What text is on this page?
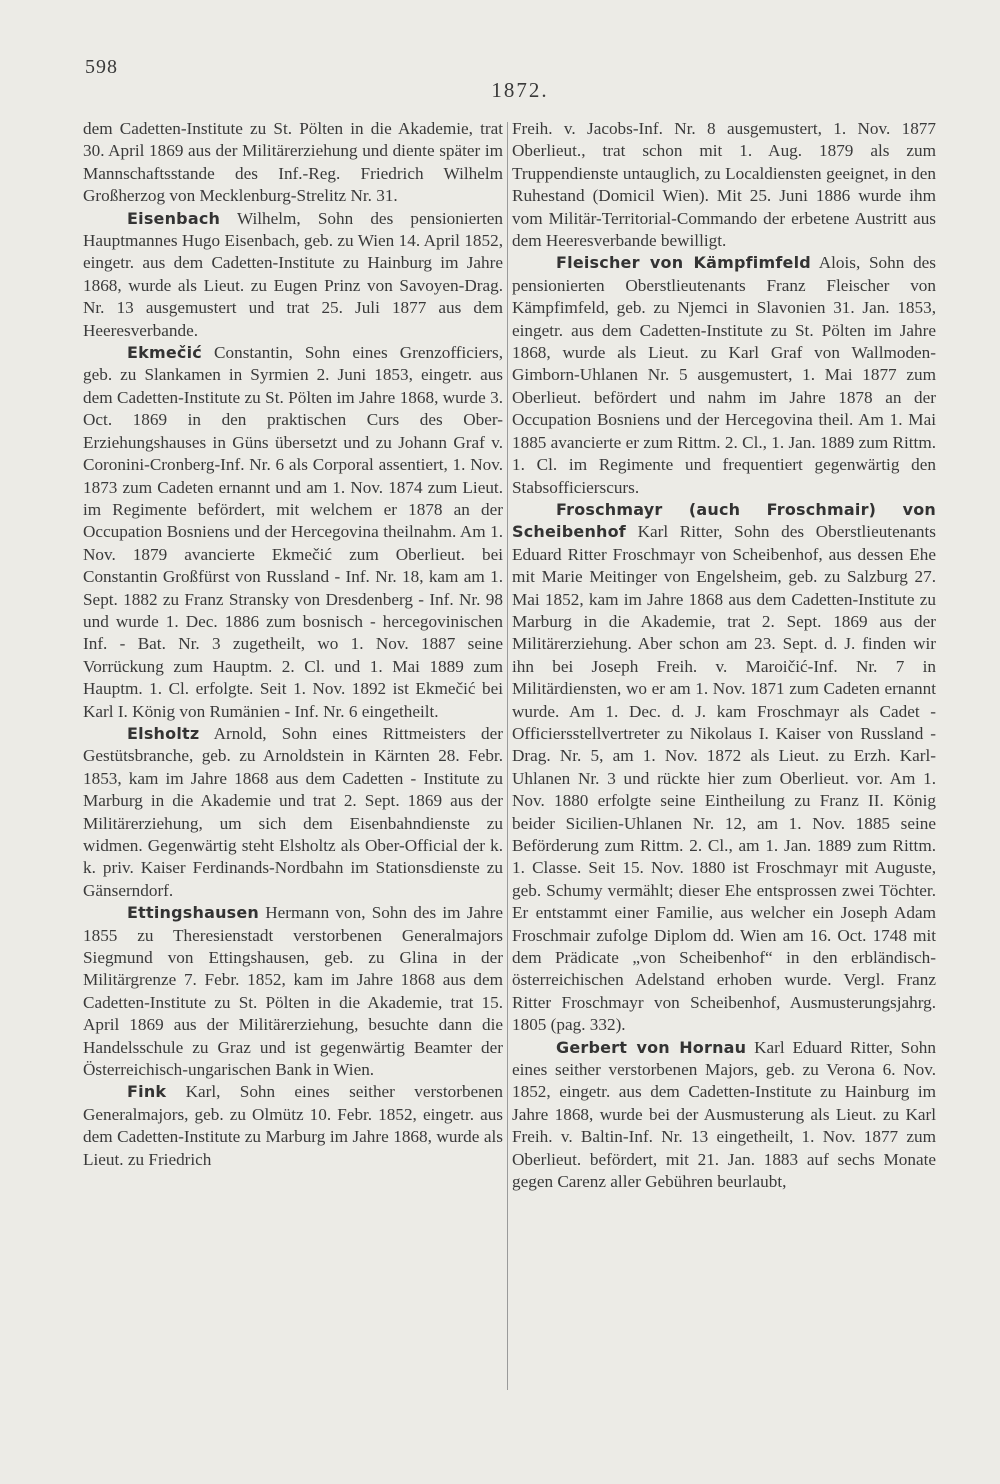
598
1872.

dem Cadetten-Institute zu St. Pölten in die Akademie, trat 30. April 1869 aus der Militärerziehung und diente später im Mannschaftsstande des Inf.-Reg. Friedrich Wilhelm Großherzog von Mecklenburg-Strelitz Nr. 31.

Eisenbach Wilhelm, Sohn des pensionierten Hauptmannes Hugo Eisenbach, geb. zu Wien 14. April 1852, eingetr. aus dem Cadetten-Institute zu Hainburg im Jahre 1868, wurde als Lieut. zu Eugen Prinz von Savoyen-Drag. Nr. 13 ausgemustert und trat 25. Juli 1877 aus dem Heeresverbande.

Ekmečić Constantin, Sohn eines Grenzofficiers, geb. zu Slankamen in Syrmien 2. Juni 1853, eingetr. aus dem Cadetten-Institute zu St. Pölten im Jahre 1868, wurde 3. Oct. 1869 in den praktischen Curs des Ober-Erziehungshauses in Güns übersetzt und zu Johann Graf v. Coronini-Cronberg-Inf. Nr. 6 als Corporal assentiert, 1. Nov. 1873 zum Cadeten ernannt und am 1. Nov. 1874 zum Lieut. im Regimente befördert, mit welchem er 1878 an der Occupation Bosniens und der Hercegovina theilnahm. Am 1. Nov. 1879 avancierte Ekmečić zum Oberlieut. bei Constantin Großfürst von Russland - Inf. Nr. 18, kam am 1. Sept. 1882 zu Franz Stransky von Dresdenberg - Inf. Nr. 98 und wurde 1. Dec. 1886 zum bosnisch - hercegovinischen Inf. - Bat. Nr. 3 zugetheilt, wo 1. Nov. 1887 seine Vorrückung zum Hauptm. 2. Cl. und 1. Mai 1889 zum Hauptm. 1. Cl. erfolgte. Seit 1. Nov. 1892 ist Ekmečić bei Karl I. König von Rumänien - Inf. Nr. 6 eingetheilt.

Elsholtz Arnold, Sohn eines Rittmeisters der Gestütsbranche, geb. zu Arnoldstein in Kärnten 28. Febr. 1853, kam im Jahre 1868 aus dem Cadetten - Institute zu Marburg in die Akademie und trat 2. Sept. 1869 aus der Militärerziehung, um sich dem Eisenbahndienste zu widmen. Gegenwärtig steht Elsholtz als Ober-Official der k. k. priv. Kaiser Ferdinands-Nordbahn im Stationsdienste zu Gänserndorf.

Ettingshausen Hermann von, Sohn des im Jahre 1855 zu Theresienstadt verstorbenen Generalmajors Siegmund von Ettingshausen, geb. zu Glina in der Militärgrenze 7. Febr. 1852, kam im Jahre 1868 aus dem Cadetten-Institute zu St. Pölten in die Akademie, trat 15. April 1869 aus der Militärerziehung, besuchte dann die Handelsschule zu Graz und ist gegenwärtig Beamter der Österreichisch-ungarischen Bank in Wien.

Fink Karl, Sohn eines seither verstorbenen Generalmajors, geb. zu Olmütz 10. Febr. 1852, eingetr. aus dem Cadetten-Institute zu Marburg im Jahre 1868, wurde als Lieut. zu Friedrich

Freih. v. Jacobs-Inf. Nr. 8 ausgemustert, 1. Nov. 1877 Oberlieut., trat schon mit 1. Aug. 1879 als zum Truppendienste untauglich, zu Localdiensten geeignet, in den Ruhestand (Domicil Wien). Mit 25. Juni 1886 wurde ihm vom Militär-Territorial-Commando der erbetene Austritt aus dem Heeresverbande bewilligt.

Fleischer von Kämpfimfeld Alois, Sohn des pensionierten Oberstlieutenants Franz Fleischer von Kämpfimfeld, geb. zu Njemci in Slavonien 31. Jan. 1853, eingetr. aus dem Cadetten-Institute zu St. Pölten im Jahre 1868, wurde als Lieut. zu Karl Graf von Wallmoden-Gimborn-Uhlanen Nr. 5 ausgemustert, 1. Mai 1877 zum Oberlieut. befördert und nahm im Jahre 1878 an der Occupation Bosniens und der Hercegovina theil. Am 1. Mai 1885 avancierte er zum Rittm. 2. Cl., 1. Jan. 1889 zum Rittm. 1. Cl. im Regimente und frequentiert gegenwärtig den Stabsofficierscurs.

Froschmayr (auch Froschmair) von Scheibenhof Karl Ritter, Sohn des Oberstlieutenants Eduard Ritter Froschmayr von Scheibenhof, aus dessen Ehe mit Marie Meitinger von Engelsheim, geb. zu Salzburg 27. Mai 1852, kam im Jahre 1868 aus dem Cadetten-Institute zu Marburg in die Akademie, trat 2. Sept. 1869 aus der Militärerziehung. Aber schon am 23. Sept. d. J. finden wir ihn bei Joseph Freih. v. Maroičić-Inf. Nr. 7 in Militärdiensten, wo er am 1. Nov. 1871 zum Cadeten ernannt wurde. Am 1. Dec. d. J. kam Froschmayr als Cadet - Officiersstellvertreter zu Nikolaus I. Kaiser von Russland - Drag. Nr. 5, am 1. Nov. 1872 als Lieut. zu Erzh. Karl-Uhlanen Nr. 3 und rückte hier zum Oberlieut. vor. Am 1. Nov. 1880 erfolgte seine Eintheilung zu Franz II. König beider Sicilien-Uhlanen Nr. 12, am 1. Nov. 1885 seine Beförderung zum Rittm. 2. Cl., am 1. Jan. 1889 zum Rittm. 1. Classe. Seit 15. Nov. 1880 ist Froschmayr mit Auguste, geb. Schumy vermählt; dieser Ehe entsprossen zwei Töchter. Er entstammt einer Familie, aus welcher ein Joseph Adam Froschmair zufolge Diplom dd. Wien am 16. Oct. 1748 mit dem Prädicate „von Scheibenhof“ in den erbländisch-österreichischen Adelstand erhoben wurde. Vergl. Franz Ritter Froschmayr von Scheibenhof, Ausmusterungsjahrg. 1805 (pag. 332).

Gerbert von Hornau Karl Eduard Ritter, Sohn eines seither verstorbenen Majors, geb. zu Verona 6. Nov. 1852, eingetr. aus dem Cadetten-Institute zu Hainburg im Jahre 1868, wurde bei der Ausmusterung als Lieut. zu Karl Freih. v. Baltin-Inf. Nr. 13 eingetheilt, 1. Nov. 1877 zum Oberlieut. befördert, mit 21. Jan. 1883 auf sechs Monate gegen Carenz aller Gebühren beurlaubt,
